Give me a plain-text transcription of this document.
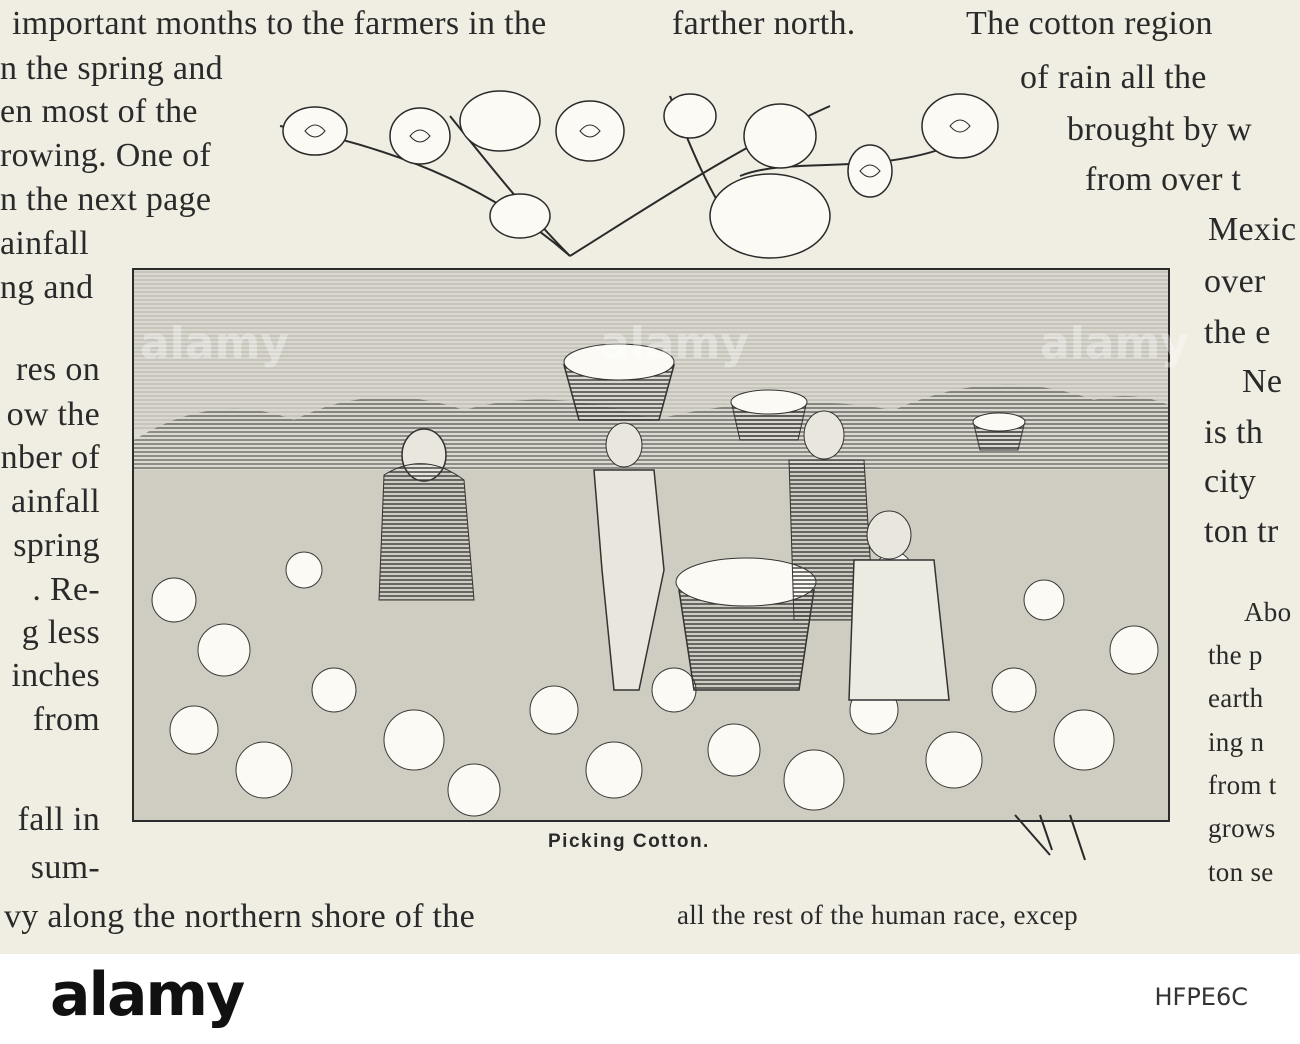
important months to the farmers in the
n the spring and
en most of the
rowing. One of
n the next page
ainfall
ng and
res on
ow the
nber of
ainfall
spring
. Re-
g less
inches
from
fall in
sum-
vy along the northern shore of the
farther north.	The cotton region
of rain all the
brought by w
from over t
Mexic
over
the e
Ne
is th
city
ton tr
Abo
the p
earth
ing n
from t
grows
ton se
all the rest of the human race, excep
Picking Cotton.
alamy	alamy	alamy
alamy	HFPE6C
